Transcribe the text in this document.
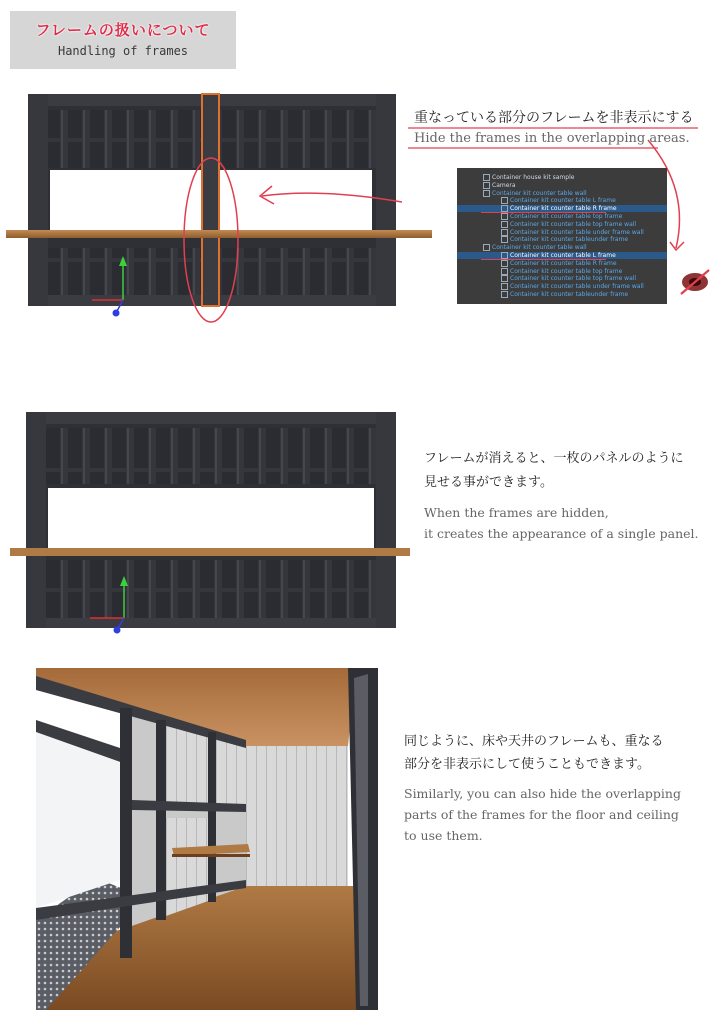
フレームの扱いについて
Handling of frames
重なっている部分のフレームを非表示にする
Hide the frames in the overlapping areas.
Container house kit sample
Camera
Container kit counter table wall
Container kit counter table L frame
Container kit counter table R frame
Container kit counter table top frame
Container kit counter table top frame wall
Container kit counter table under frame wall
Container kit counter tableunder frame
Container kit counter table wall
Container kit counter table L frame
Container kit counter table R frame
Container kit counter table top frame
Container kit counter table top frame wall
Container kit counter table under frame wall
Container kit counter tableunder frame
フレームが消えると、一枚のパネルのように
見せる事ができます。
When the frames are hidden,
it creates the appearance of a single panel.
同じように、床や天井のフレームも、重なる
部分を非表示にして使うこともできます。
Similarly, you can also hide the overlapping
parts of the frames for the floor and ceiling
to use them.
